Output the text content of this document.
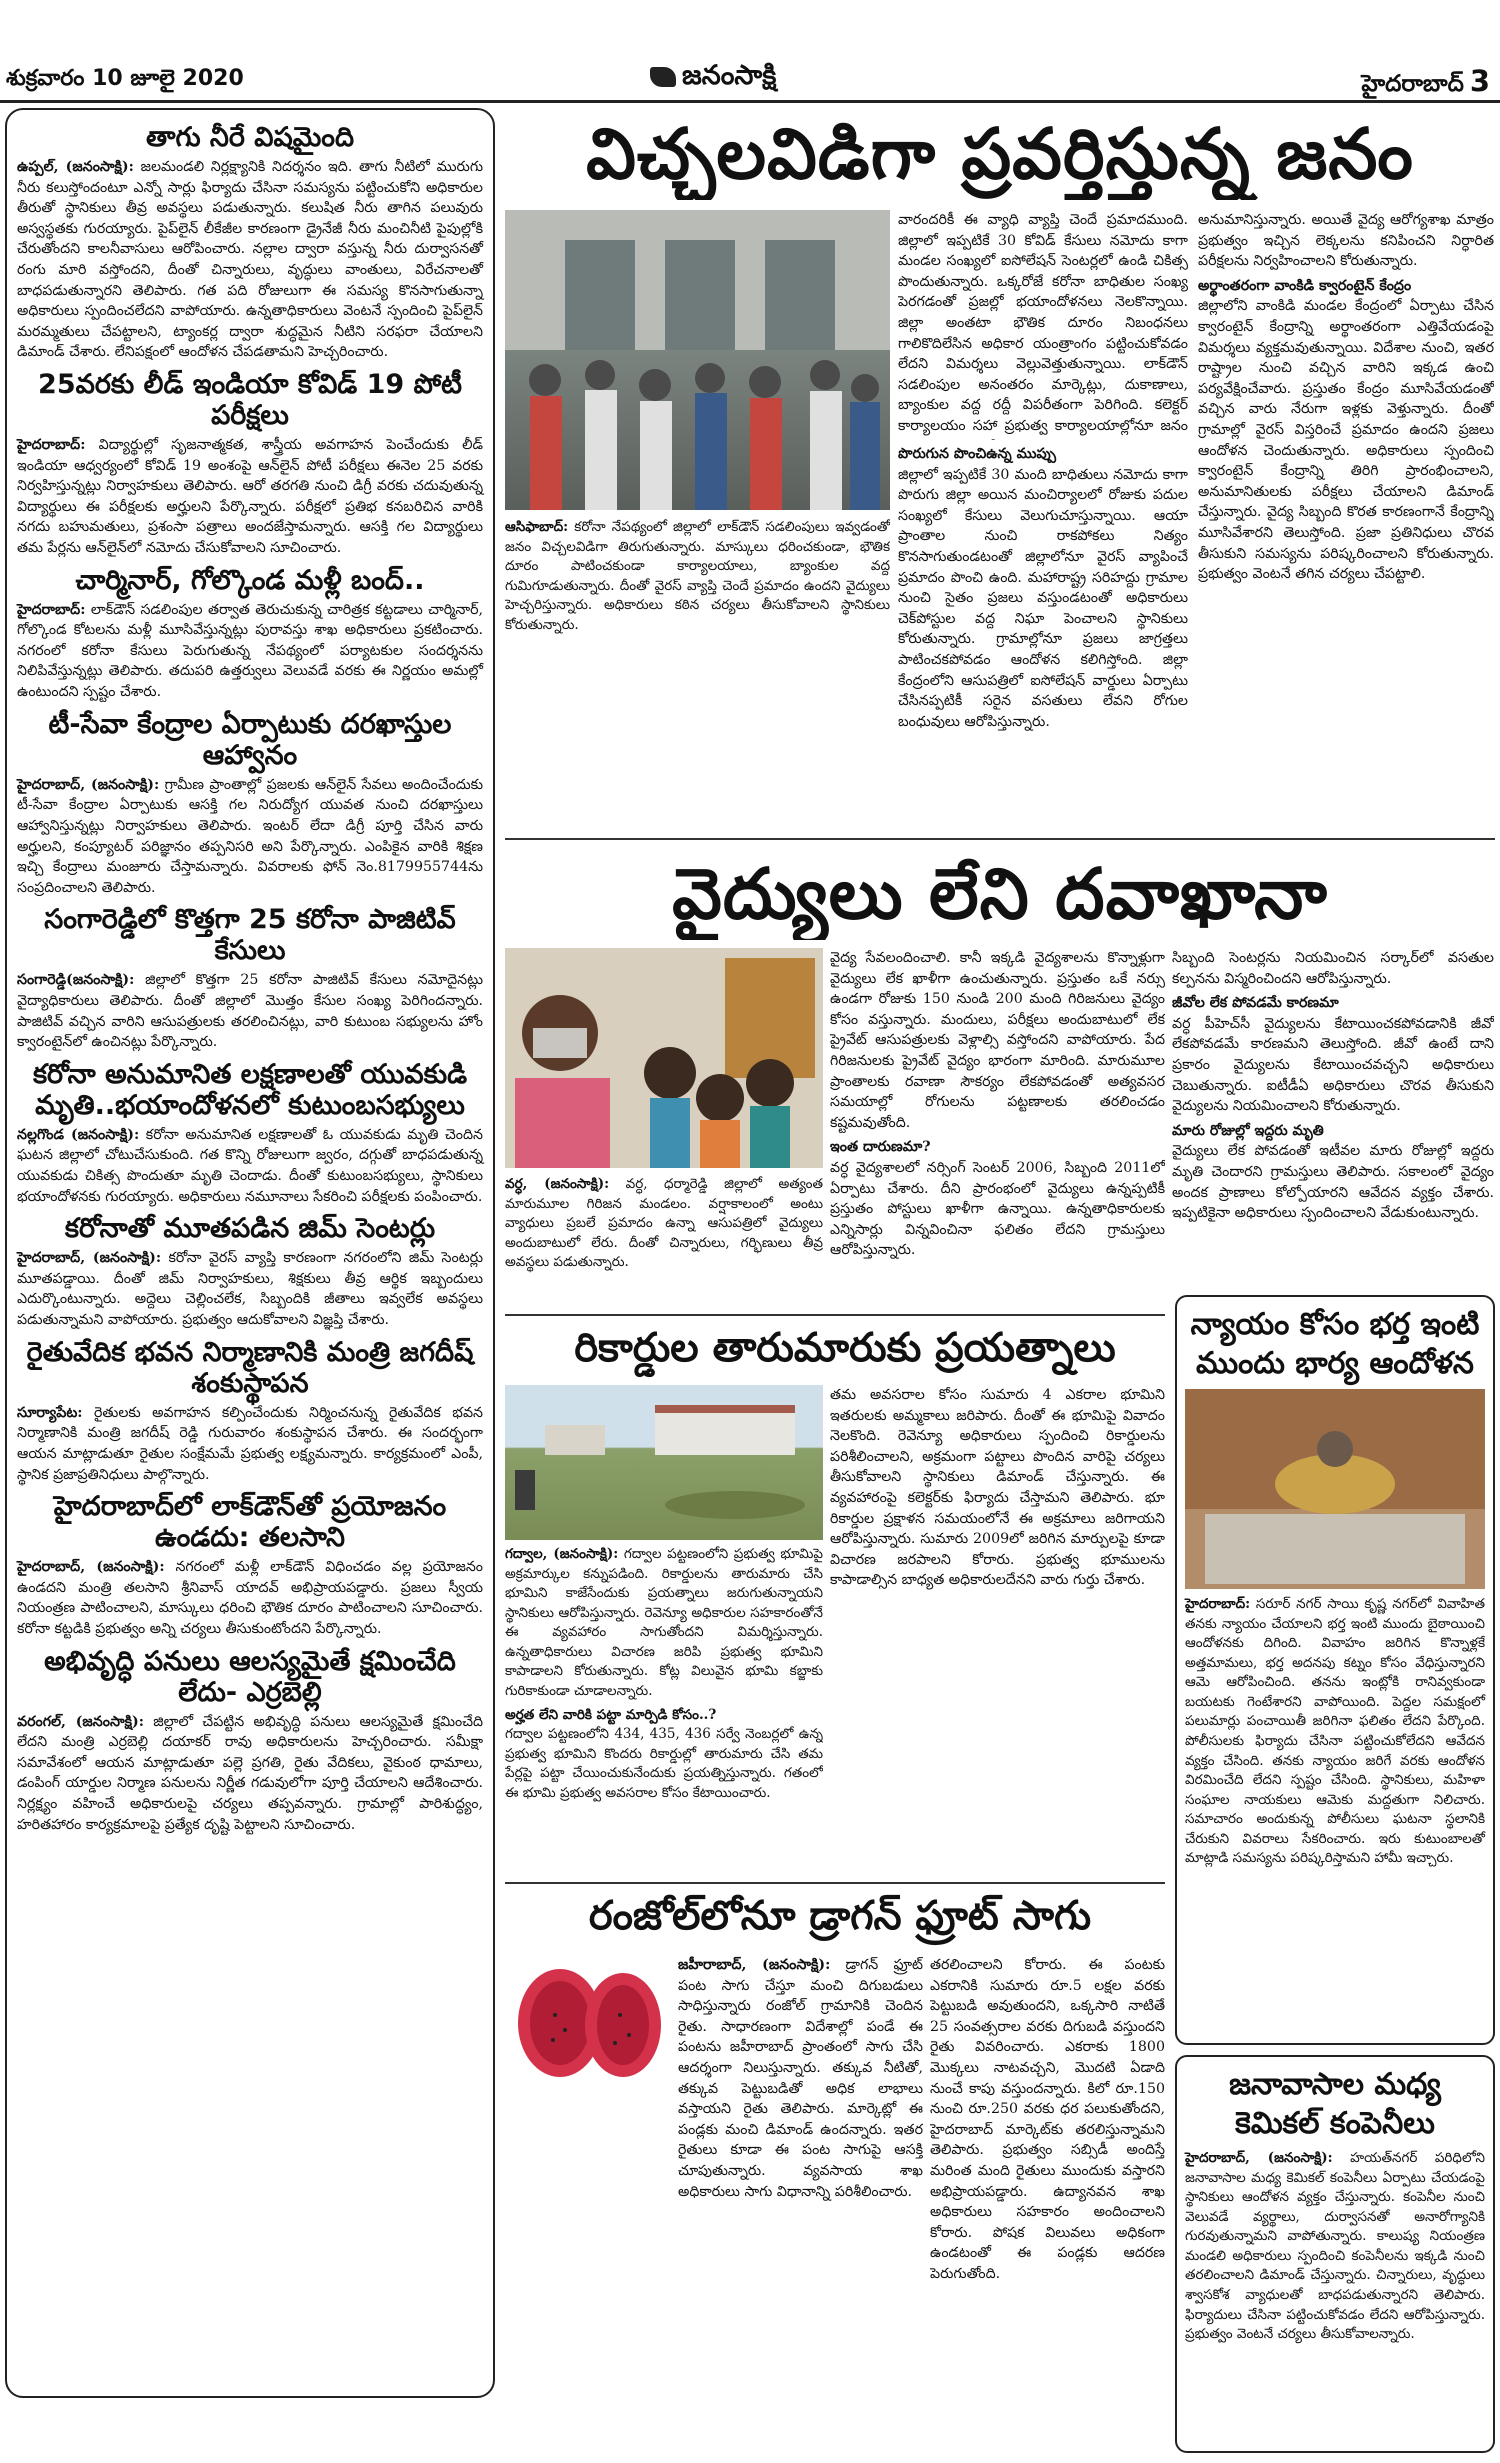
శుక్రవారం 10 జూలై 2020	జనంసాక్షి	హైదరాబాద్ 3
తాగు నీరే విషమైంది

ఉప్పల్‌, (జనంసాక్షి): జలమండలి నిర్లక్ష్యానికి నిదర్శనం ఇది. తాగు నీటిలో మురుగు నీరు కలుస్తోందంటూ ఎన్నో సార్లు ఫిర్యాదు చేసినా సమస్యను పట్టించుకోని అధికారుల తీరుతో స్థానికులు తీవ్ర అవస్థలు పడుతున్నారు. కలుషిత నీరు తాగిన పలువురు అస్వస్థతకు గురయ్యారు. పైప్‌లైన్‌ లీకేజీల కారణంగా డ్రైనేజీ నీరు మంచినీటి పైపుల్లోకి చేరుతోందని కాలనీవాసులు ఆరోపించారు. నల్లాల ద్వారా వస్తున్న నీరు దుర్వాసనతో రంగు మారి వస్తోందని, దీంతో చిన్నారులు, వృద్ధులు వాంతులు, విరేచనాలతో బాధపడుతున్నారని తెలిపారు. గత పది రోజులుగా ఈ సమస్య కొనసాగుతున్నా అధికారులు స్పందించలేదని వాపోయారు. ఉన్నతాధికారులు వెంటనే స్పందించి పైప్‌లైన్‌ మరమ్మతులు చేపట్టాలని, ట్యాంకర్ల ద్వారా శుద్ధమైన నీటిని సరఫరా చేయాలని డిమాండ్‌ చేశారు. లేనిపక్షంలో ఆందోళన చేపడతామని హెచ్చరించారు.

25వరకు లీడ్‌ ఇండియా కోవిడ్‌ 19 పోటీ పరీక్షలు

హైదరాబాద్‌: విద్యార్థుల్లో సృజనాత్మకత, శాస్త్రీయ అవగాహన పెంచేందుకు లీడ్‌ ఇండియా ఆధ్వర్యంలో కోవిడ్‌ 19 అంశంపై ఆన్‌లైన్‌ పోటీ పరీక్షలు ఈనెల 25 వరకు నిర్వహిస్తున్నట్లు నిర్వాహకులు తెలిపారు. ఆరో తరగతి నుంచి డిగ్రీ వరకు చదువుతున్న విద్యార్థులు ఈ పరీక్షలకు అర్హులని పేర్కొన్నారు. పరీక్షలో ప్రతిభ కనబరిచిన వారికి నగదు బహుమతులు, ప్రశంసా పత్రాలు అందజేస్తామన్నారు. ఆసక్తి గల విద్యార్థులు తమ పేర్లను ఆన్‌లైన్‌లో నమోదు చేసుకోవాలని సూచించారు.

చార్మినార్‌, గోల్కొండ మళ్లీ బంద్‌..

హైదరాబాద్‌: లాక్‌డౌన్‌ సడలింపుల తర్వాత తెరుచుకున్న చారిత్రక కట్టడాలు చార్మినార్‌, గోల్కొండ కోటలను మళ్లీ మూసివేస్తున్నట్లు పురావస్తు శాఖ అధికారులు ప్రకటించారు. నగరంలో కరోనా కేసులు పెరుగుతున్న నేపథ్యంలో పర్యాటకుల సందర్శనను నిలిపివేస్తున్నట్లు తెలిపారు. తదుపరి ఉత్తర్వులు వెలువడే వరకు ఈ నిర్ణయం అమల్లో ఉంటుందని స్పష్టం చేశారు.

టీ-సేవా కేంద్రాల ఏర్పాటుకు దరఖాస్తుల ఆహ్వానం

హైదరాబాద్‌, (జనంసాక్షి): గ్రామీణ ప్రాంతాల్లో ప్రజలకు ఆన్‌లైన్‌ సేవలు అందించేందుకు టీ-సేవా కేంద్రాల ఏర్పాటుకు ఆసక్తి గల నిరుద్యోగ యువత నుంచి దరఖాస్తులు ఆహ్వానిస్తున్నట్లు నిర్వాహకులు తెలిపారు. ఇంటర్‌ లేదా డిగ్రీ పూర్తి చేసిన వారు అర్హులని, కంప్యూటర్‌ పరిజ్ఞానం తప్పనిసరి అని పేర్కొన్నారు. ఎంపికైన వారికి శిక్షణ ఇచ్చి కేంద్రాలు మంజూరు చేస్తామన్నారు. వివరాలకు ఫోన్‌ నెం.8179955744ను సంప్రదించాలని తెలిపారు.

సంగారెడ్డిలో కొత్తగా 25 కరోనా పాజిటివ్‌ కేసులు

సంగారెడ్డి(జనంసాక్షి): జిల్లాలో కొత్తగా 25 కరోనా పాజిటివ్‌ కేసులు నమోదైనట్లు వైద్యాధికారులు తెలిపారు. దీంతో జిల్లాలో మొత్తం కేసుల సంఖ్య పెరిగిందన్నారు. పాజిటివ్‌ వచ్చిన వారిని ఆసుపత్రులకు తరలించినట్లు, వారి కుటుంబ సభ్యులను హోం క్వారంటైన్‌లో ఉంచినట్లు పేర్కొన్నారు.

కరోనా అనుమానిత లక్షణాలతో యువకుడి మృతి..భయాందోళనలో కుటుంబసభ్యులు

నల్లగొండ (జనంసాక్షి): కరోనా అనుమానిత లక్షణాలతో ఓ యువకుడు మృతి చెందిన ఘటన జిల్లాలో చోటుచేసుకుంది. గత కొన్ని రోజులుగా జ్వరం, దగ్గుతో బాధపడుతున్న యువకుడు చికిత్స పొందుతూ మృతి చెందాడు. దీంతో కుటుంబసభ్యులు, స్థానికులు భయాందోళనకు గురయ్యారు. అధికారులు నమూనాలు సేకరించి పరీక్షలకు పంపించారు.

కరోనాతో మూతపడిన జిమ్‌ సెంటర్లు

హైదరాబాద్‌, (జనంసాక్షి): కరోనా వైరస్‌ వ్యాప్తి కారణంగా నగరంలోని జిమ్‌ సెంటర్లు మూతపడ్డాయి. దీంతో జిమ్‌ నిర్వాహకులు, శిక్షకులు తీవ్ర ఆర్థిక ఇబ్బందులు ఎదుర్కొంటున్నారు. అద్దెలు చెల్లించలేక, సిబ్బందికి జీతాలు ఇవ్వలేక అవస్థలు పడుతున్నామని వాపోయారు. ప్రభుత్వం ఆదుకోవాలని విజ్ఞప్తి చేశారు.

రైతువేదిక భవన నిర్మాణానికి మంత్రి జగదీష్‌ శంకుస్థాపన

సూర్యాపేట: రైతులకు అవగాహన కల్పించేందుకు నిర్మించనున్న రైతువేదిక భవన నిర్మాణానికి మంత్రి జగదీష్‌ రెడ్డి గురువారం శంకుస్థాపన చేశారు. ఈ సందర్భంగా ఆయన మాట్లాడుతూ రైతుల సంక్షేమమే ప్రభుత్వ లక్ష్యమన్నారు. కార్యక్రమంలో ఎంపీ, స్థానిక ప్రజాప్రతినిధులు పాల్గొన్నారు.

హైదరాబాద్‌లో లాక్‌డౌన్‌తో ప్రయోజనం ఉండదు: తలసాని

హైదరాబాద్‌, (జనంసాక్షి): నగరంలో మళ్లీ లాక్‌డౌన్‌ విధించడం వల్ల ప్రయోజనం ఉండదని మంత్రి తలసాని శ్రీనివాస్‌ యాదవ్‌ అభిప్రాయపడ్డారు. ప్రజలు స్వీయ నియంత్రణ పాటించాలని, మాస్కులు ధరించి భౌతిక దూరం పాటించాలని సూచించారు. కరోనా కట్టడికి ప్రభుత్వం అన్ని చర్యలు తీసుకుంటోందని పేర్కొన్నారు.

అభివృద్ధి పనులు ఆలస్యమైతే క్షమించేది లేదు- ఎర్రబెల్లి

వరంగల్‌, (జనంసాక్షి): జిల్లాలో చేపట్టిన అభివృద్ధి పనులు ఆలస్యమైతే క్షమించేది లేదని మంత్రి ఎర్రబెల్లి దయాకర్‌ రావు అధికారులను హెచ్చరించారు. సమీక్షా సమావేశంలో ఆయన మాట్లాడుతూ పల్లె ప్రగతి, రైతు వేదికలు, వైకుంఠ ధామాలు, డంపింగ్‌ యార్డుల నిర్మాణ పనులను నిర్ణీత గడువులోగా పూర్తి చేయాలని ఆదేశించారు. నిర్లక్ష్యం వహించే అధికారులపై చర్యలు తప్పవన్నారు. గ్రామాల్లో పారిశుద్ధ్యం, హరితహారం కార్యక్రమాలపై ప్రత్యేక దృష్టి పెట్టాలని సూచించారు.

విచ్చలవిడిగా ప్రవర్తిస్తున్న జనం
ఆసిఫాబాద్‌: కరోనా నేపథ్యంలో జిల్లాలో లాక్‌డౌన్‌ సడలింపులు ఇవ్వడంతో జనం విచ్చలవిడిగా తిరుగుతున్నారు. మాస్కులు ధరించకుండా, భౌతిక దూరం పాటించకుండా కార్యాలయాలు, బ్యాంకుల వద్ద గుమిగూడుతున్నారు. దీంతో వైరస్‌ వ్యాప్తి చెందే ప్రమాదం ఉందని వైద్యులు హెచ్చరిస్తున్నారు. అధికారులు కఠిన చర్యలు తీసుకోవాలని స్థానికులు కోరుతున్నారు.

వారందరికీ ఈ వ్యాధి వ్యాప్తి చెందే ప్రమాదముంది. జిల్లాలో ఇప్పటికే 30 కోవిడ్‌ కేసులు నమోదు కాగా మండల సంఖ్యలో ఐసోలేషన్‌ సెంటర్లలో ఉండి చికిత్స పొందుతున్నారు. ఒక్కరోజే కరోనా బాధితుల సంఖ్య పెరగడంతో ప్రజల్లో భయాందోళనలు నెలకొన్నాయి. జిల్లా అంతటా భౌతిక దూరం నిబంధనలు గాలికొదిలేసిన అధికార యంత్రాంగం పట్టించుకోవడం లేదని విమర్శలు వెల్లువెత్తుతున్నాయి. లాక్‌డౌన్‌ సడలింపుల అనంతరం మార్కెట్లు, దుకాణాలు, బ్యాంకుల వద్ద రద్దీ విపరీతంగా పెరిగింది. కలెక్టర్‌ కార్యాలయం సహా ప్రభుత్వ కార్యాలయాల్లోనూ జనం

పొరుగున పొంచిఉన్న ముప్పు

జిల్లాలో ఇప్పటికే 30 మంది బాధితులు నమోదు కాగా పొరుగు జిల్లా అయిన మంచిర్యాలలో రోజుకు పదుల సంఖ్యలో కేసులు వెలుగుచూస్తున్నాయి. ఆయా ప్రాంతాల నుంచి రాకపోకలు నిత్యం కొనసాగుతుండటంతో జిల్లాలోనూ వైరస్‌ వ్యాపించే ప్రమాదం పొంచి ఉంది. మహారాష్ట్ర సరిహద్దు గ్రామాల నుంచి సైతం ప్రజలు వస్తుండటంతో అధికారులు చెక్‌పోస్టుల వద్ద నిఘా పెంచాలని స్థానికులు కోరుతున్నారు. గ్రామాల్లోనూ ప్రజలు జాగ్రత్తలు పాటించకపోవడం ఆందోళన కలిగిస్తోంది. జిల్లా కేంద్రంలోని ఆసుపత్రిలో ఐసోలేషన్‌ వార్డులు ఏర్పాటు చేసినప్పటికీ సరైన వసతులు లేవని రోగుల బంధువులు ఆరోపిస్తున్నారు.

అనుమానిస్తున్నారు. అయితే వైద్య ఆరోగ్యశాఖ మాత్రం ప్రభుత్వం ఇచ్చిన లెక్కలను కనిపించని నిర్ధారిత పరీక్షలను నిర్వహించాలని కోరుతున్నారు.

అర్థాంతరంగా వాంకిడి క్వారంటైన్‌ కేంద్రం

జిల్లాలోని వాంకిడి మండల కేంద్రంలో ఏర్పాటు చేసిన క్వారంటైన్‌ కేంద్రాన్ని అర్థాంతరంగా ఎత్తివేయడంపై విమర్శలు వ్యక్తమవుతున్నాయి. విదేశాల నుంచి, ఇతర రాష్ట్రాల నుంచి వచ్చిన వారిని ఇక్కడ ఉంచి పర్యవేక్షించేవారు. ప్రస్తుతం కేంద్రం మూసివేయడంతో వచ్చిన వారు నేరుగా ఇళ్లకు వెళ్తున్నారు. దీంతో గ్రామాల్లో వైరస్‌ విస్తరించే ప్రమాదం ఉందని ప్రజలు ఆందోళన చెందుతున్నారు. అధికారులు స్పందించి క్వారంటైన్‌ కేంద్రాన్ని తిరిగి ప్రారంభించాలని, అనుమానితులకు పరీక్షలు చేయాలని డిమాండ్‌ చేస్తున్నారు. వైద్య సిబ్బంది కొరత కారణంగానే కేంద్రాన్ని మూసివేశారని తెలుస్తోంది. ప్రజా ప్రతినిధులు చొరవ తీసుకుని సమస్యను పరిష్కరించాలని కోరుతున్నారు. ప్రభుత్వం వెంటనే తగిన చర్యలు చేపట్టాలి.

వైద్యులు లేని దవాఖానా
వర్ధ, (జనంసాక్షి): వర్ధ, ధర్మారెడ్డి జిల్లాలో అత్యంత మారుమూల గిరిజన మండలం. వర్షాకాలంలో అంటు వ్యాధులు ప్రబలే ప్రమాదం ఉన్నా ఆసుపత్రిలో వైద్యులు అందుబాటులో లేరు. దీంతో చిన్నారులు, గర్భిణులు తీవ్ర అవస్థలు పడుతున్నారు.

వైద్య సేవలందించాలి. కానీ ఇక్కడి వైద్యశాలను కొన్నాళ్లుగా వైద్యులు లేక ఖాళీగా ఉంచుతున్నారు. ప్రస్తుతం ఒకే నర్సు ఉండగా రోజుకు 150 నుండి 200 మంది గిరిజనులు వైద్యం కోసం వస్తున్నారు. మందులు, పరీక్షలు అందుబాటులో లేక ప్రైవేట్‌ ఆసుపత్రులకు వెళ్లాల్సి వస్తోందని వాపోయారు. పేద గిరిజనులకు ప్రైవేట్‌ వైద్యం భారంగా మారింది. మారుమూల ప్రాంతాలకు రవాణా సౌకర్యం లేకపోవడంతో అత్యవసర సమయాల్లో రోగులను పట్టణాలకు తరలించడం కష్టమవుతోంది.

ఇంత దారుణమా?

వర్ధ వైద్యశాలలో నర్సింగ్‌ సెంటర్‌ 2006, సిబ్బంది 2011లో ఏర్పాటు చేశారు. దీని ప్రారంభంలో వైద్యులు ఉన్నప్పటికీ ప్రస్తుతం పోస్టులు ఖాళీగా ఉన్నాయి. ఉన్నతాధికారులకు ఎన్నిసార్లు విన్నవించినా ఫలితం లేదని గ్రామస్తులు ఆరోపిస్తున్నారు.

సిబ్బంది సెంటర్లను నియమించిన సర్కార్‌లో వసతుల కల్పనను విస్మరించిందని ఆరోపిస్తున్నారు.

జీవోల లేక పోవడమే కారణమా

వర్ధ పీహెచ్‌సీ వైద్యులను కేటాయించకపోవడానికి జీవో లేకపోవడమే కారణమని తెలుస్తోంది. జీవో ఉంటే దాని ప్రకారం వైద్యులను కేటాయించవచ్చని అధికారులు చెబుతున్నారు. ఐటీడీఏ అధికారులు చొరవ తీసుకుని వైద్యులను నియమించాలని కోరుతున్నారు.

మారు రోజుల్లో ఇద్దరు మృతి

వైద్యులు లేక పోవడంతో ఇటీవల మారు రోజుల్లో ఇద్దరు మృతి చెందారని గ్రామస్తులు తెలిపారు. సకాలంలో వైద్యం అందక ప్రాణాలు కోల్పోయారని ఆవేదన వ్యక్తం చేశారు. ఇప్పటికైనా అధికారులు స్పందించాలని వేడుకుంటున్నారు.

రికార్డుల తారుమారుకు ప్రయత్నాలు
గద్వాల, (జనంసాక్షి): గద్వాల పట్టణంలోని ప్రభుత్వ భూమిపై అక్రమార్కుల కన్నుపడింది. రికార్డులను తారుమారు చేసి భూమిని కాజేసేందుకు ప్రయత్నాలు జరుగుతున్నాయని స్థానికులు ఆరోపిస్తున్నారు. రెవెన్యూ అధికారుల సహకారంతోనే ఈ వ్యవహారం సాగుతోందని విమర్శిస్తున్నారు. ఉన్నతాధికారులు విచారణ జరిపి ప్రభుత్వ భూమిని కాపాడాలని కోరుతున్నారు. కోట్ల విలువైన భూమి కబ్జాకు గురికాకుండా చూడాలన్నారు.
అర్హత లేని వారికి పట్టా మార్పిడి కోసం..?
గద్వాల పట్టణంలోని 434, 435, 436 సర్వే నెంబర్లలో ఉన్న ప్రభుత్వ భూమిని కొందరు రికార్డుల్లో తారుమారు చేసి తమ పేర్లపై పట్టా చేయించుకునేందుకు ప్రయత్నిస్తున్నారు. గతంలో ఈ భూమి ప్రభుత్వ అవసరాల కోసం కేటాయించారు.

తమ అవసరాల కోసం సుమారు 4 ఎకరాల భూమిని ఇతరులకు అమ్మకాలు జరిపారు. దీంతో ఈ భూమిపై వివాదం నెలకొంది. రెవెన్యూ అధికారులు స్పందించి రికార్డులను పరిశీలించాలని, అక్రమంగా పట్టాలు పొందిన వారిపై చర్యలు తీసుకోవాలని స్థానికులు డిమాండ్‌ చేస్తున్నారు. ఈ వ్యవహారంపై కలెక్టర్‌కు ఫిర్యాదు చేస్తామని తెలిపారు. భూ రికార్డుల ప్రక్షాళన సమయంలోనే ఈ అక్రమాలు జరిగాయని ఆరోపిస్తున్నారు. సుమారు 2009లో జరిగిన మార్పులపై కూడా విచారణ జరపాలని కోరారు. ప్రభుత్వ భూములను కాపాడాల్సిన బాధ్యత అధికారులదేనని వారు గుర్తు చేశారు.

రంజోల్‌లోనూ డ్రాగన్‌ ఫ్రూట్‌ సాగు

జహీరాబాద్‌, (జనంసాక్షి): డ్రాగన్‌ ఫ్రూట్‌ పంట సాగు చేస్తూ మంచి దిగుబడులు సాధిస్తున్నారు రంజోల్‌ గ్రామానికి చెందిన రైతు. సాధారణంగా విదేశాల్లో పండే ఈ పంటను జహీరాబాద్‌ ప్రాంతంలో సాగు చేసి ఆదర్శంగా నిలుస్తున్నారు. తక్కువ నీటితో, తక్కువ పెట్టుబడితో అధిక లాభాలు వస్తాయని రైతు తెలిపారు. మార్కెట్లో ఈ పండ్లకు మంచి డిమాండ్‌ ఉందన్నారు. ఇతర రైతులు కూడా ఈ పంట సాగుపై ఆసక్తి చూపుతున్నారు. వ్యవసాయ శాఖ అధికారులు సాగు విధానాన్ని పరిశీలించారు.

తరలించాలని కోరారు. ఈ పంటకు ఎకరానికి సుమారు రూ.5 లక్షల వరకు పెట్టుబడి అవుతుందని, ఒక్కసారి నాటితే 25 సంవత్సరాల వరకు దిగుబడి వస్తుందని రైతు వివరించారు. ఎకరాకు 1800 మొక్కలు నాటవచ్చని, మొదటి ఏడాది నుంచే కాపు వస్తుందన్నారు. కిలో రూ.150 నుంచి రూ.250 వరకు ధర పలుకుతోందని, హైదరాబాద్‌ మార్కెట్‌కు తరలిస్తున్నామని తెలిపారు. ప్రభుత్వం సబ్సిడీ అందిస్తే మరింత మంది రైతులు ముందుకు వస్తారని అభిప్రాయపడ్డారు. ఉద్యానవన శాఖ అధికారులు సహకారం అందించాలని కోరారు. పోషక విలువలు అధికంగా ఉండటంతో ఈ పండ్లకు ఆదరణ పెరుగుతోంది.

న్యాయం కోసం భర్త ఇంటి ముందు భార్య ఆందోళన

హైదరాబాద్‌: సరూర్‌ నగర్‌ సాయి కృష్ణ నగర్‌లో వివాహిత తనకు న్యాయం చేయాలని భర్త ఇంటి ముందు బైఠాయించి ఆందోళనకు దిగింది. వివాహం జరిగిన కొన్నాళ్లకే అత్తమామలు, భర్త అదనపు కట్నం కోసం వేధిస్తున్నారని ఆమె ఆరోపించింది. తనను ఇంట్లోకి రానివ్వకుండా బయటకు గెంటేశారని వాపోయింది. పెద్దల సమక్షంలో పలుమార్లు పంచాయితీ జరిగినా ఫలితం లేదని పేర్కొంది. పోలీసులకు ఫిర్యాదు చేసినా పట్టించుకోలేదని ఆవేదన వ్యక్తం చేసింది. తనకు న్యాయం జరిగే వరకు ఆందోళన విరమించేది లేదని స్పష్టం చేసింది. స్థానికులు, మహిళా సంఘాల నాయకులు ఆమెకు మద్దతుగా నిలిచారు. సమాచారం అందుకున్న పోలీసులు ఘటనా స్థలానికి చేరుకుని వివరాలు సేకరించారు. ఇరు కుటుంబాలతో మాట్లాడి సమస్యను పరిష్కరిస్తామని హామీ ఇచ్చారు.

జనావాసాల మధ్య కెమికల్‌ కంపెనీలు

హైదరాబాద్‌, (జనంసాక్షి): హయత్‌నగర్‌ పరిధిలోని జనావాసాల మధ్య కెమికల్‌ కంపెనీలు ఏర్పాటు చేయడంపై స్థానికులు ఆందోళన వ్యక్తం చేస్తున్నారు. కంపెనీల నుంచి వెలువడే వ్యర్థాలు, దుర్వాసనతో అనారోగ్యానికి గురవుతున్నామని వాపోతున్నారు. కాలుష్య నియంత్రణ మండలి అధికారులు స్పందించి కంపెనీలను ఇక్కడి నుంచి తరలించాలని డిమాండ్‌ చేస్తున్నారు. చిన్నారులు, వృద్ధులు శ్వాసకోశ వ్యాధులతో బాధపడుతున్నారని తెలిపారు. ఫిర్యాదులు చేసినా పట్టించుకోవడం లేదని ఆరోపిస్తున్నారు. ప్రభుత్వం వెంటనే చర్యలు తీసుకోవాలన్నారు.
